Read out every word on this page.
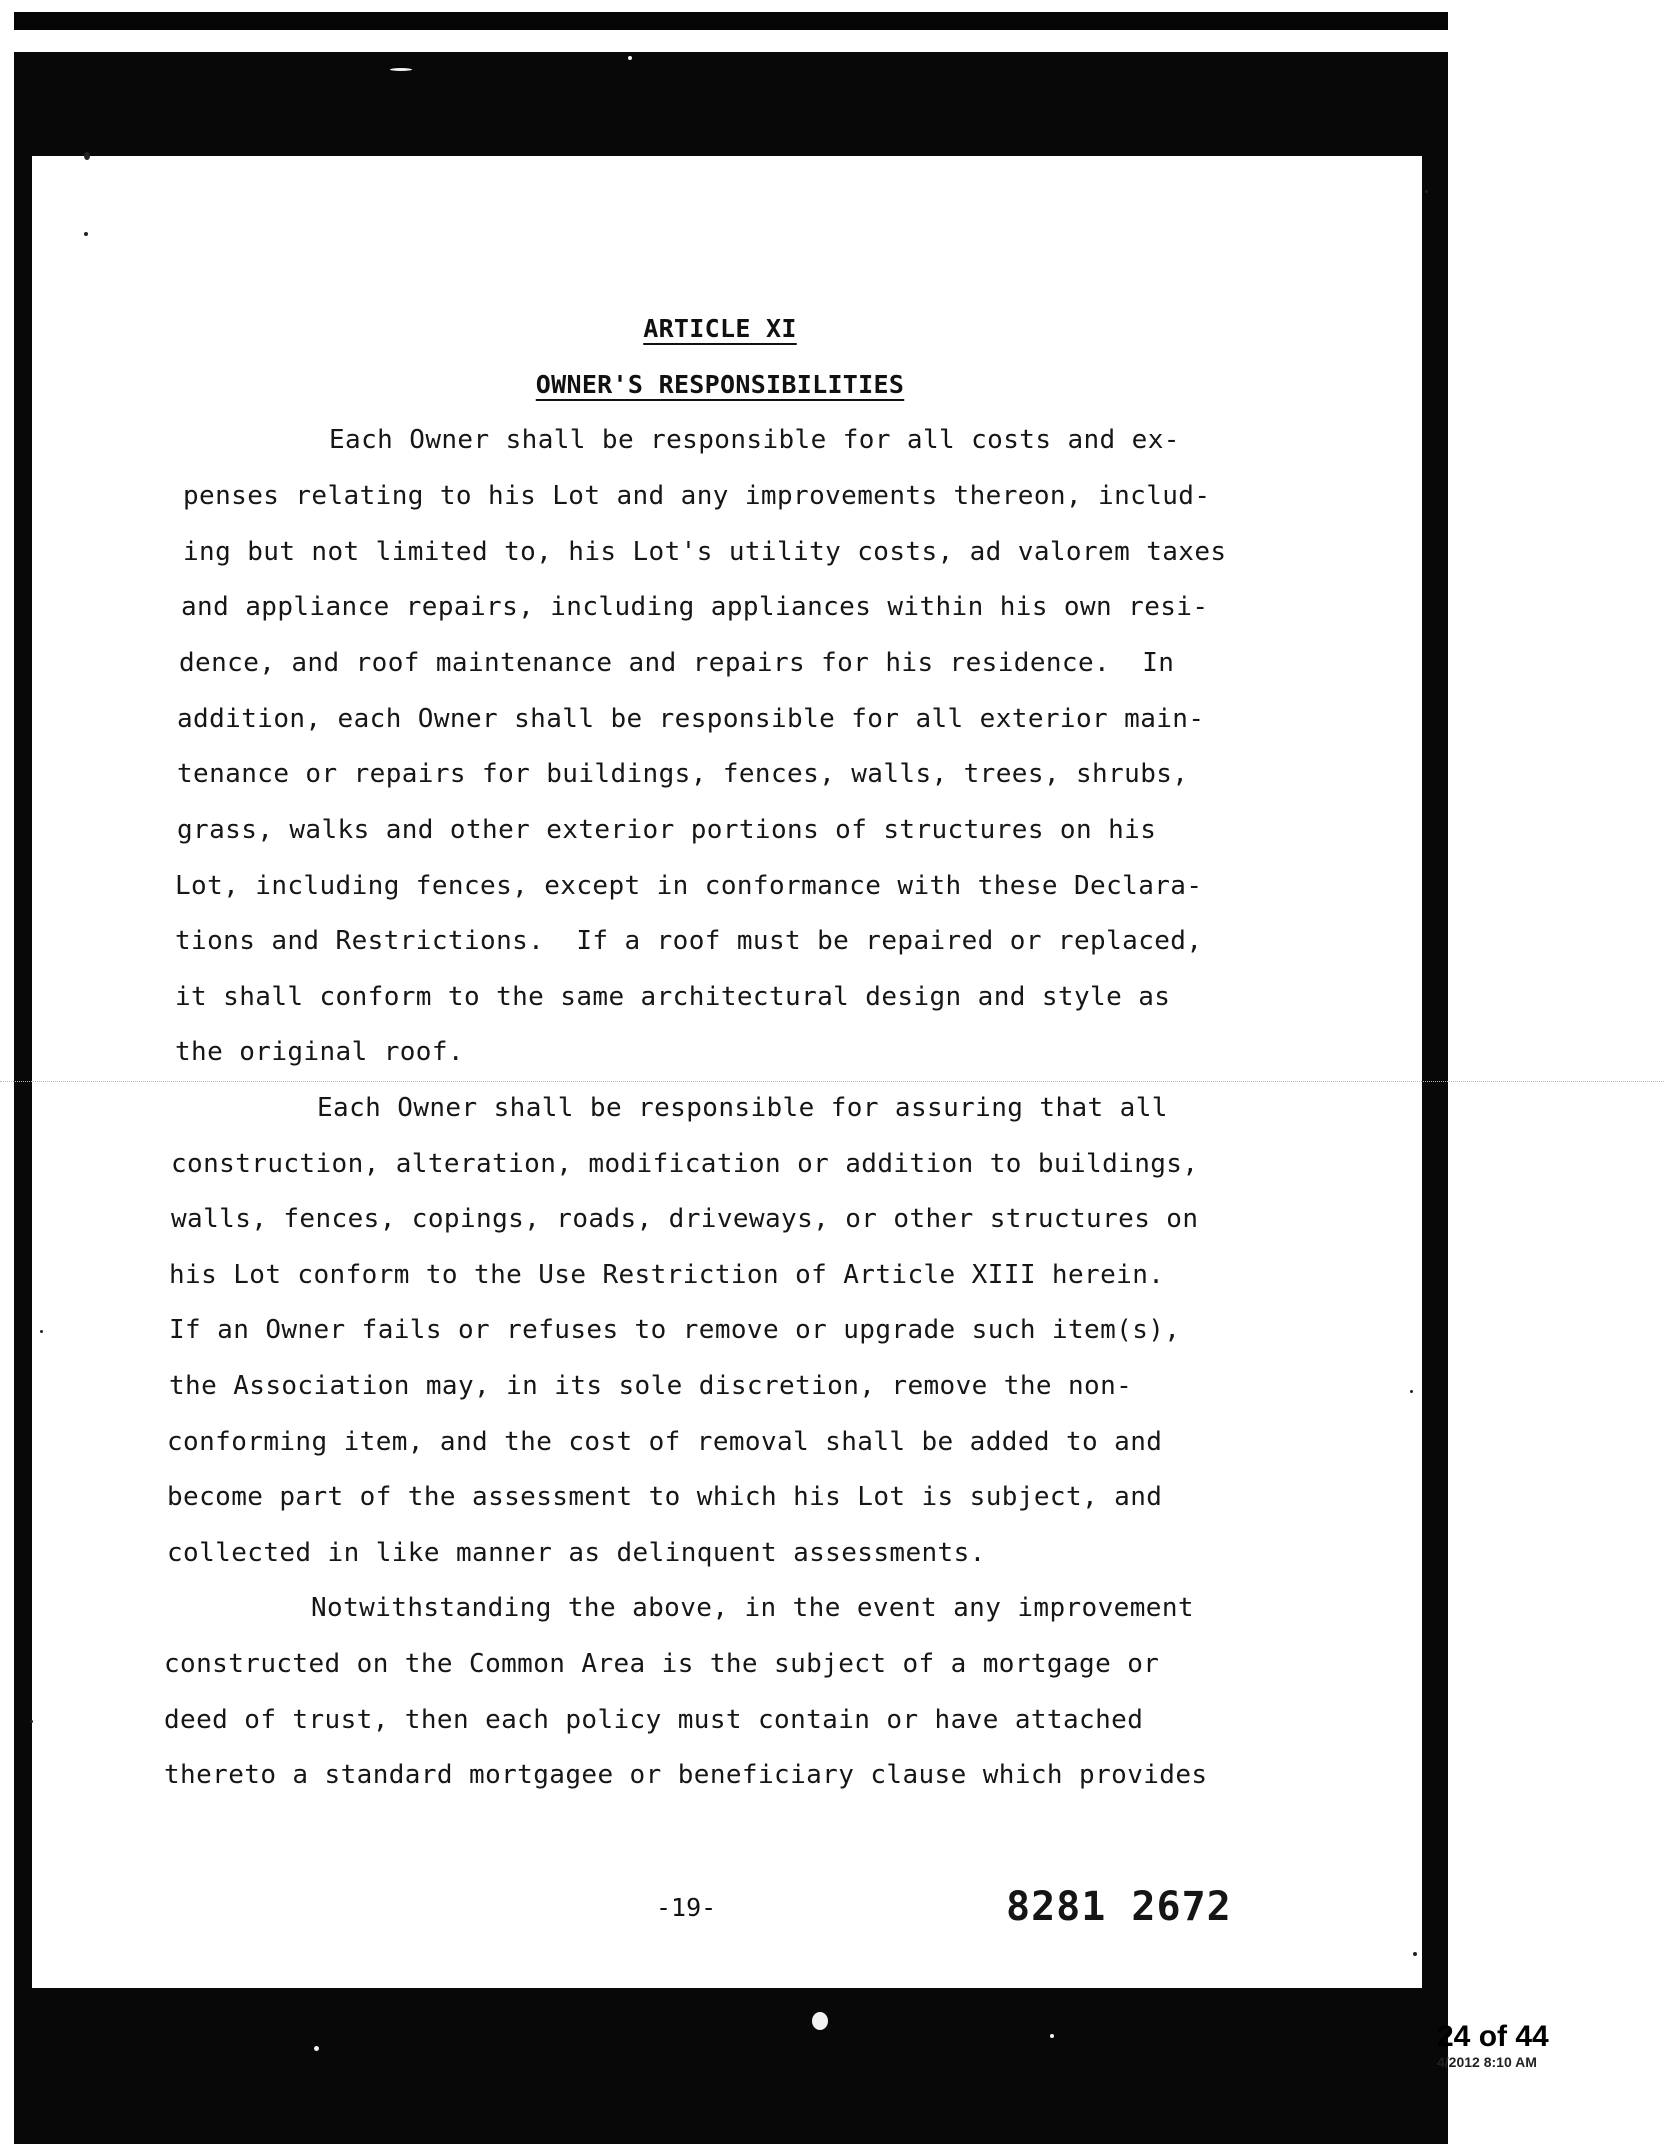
ARTICLE XI
OWNER'S RESPONSIBILITIES
Each Owner shall be responsible for all costs and ex-
penses relating to his Lot and any improvements thereon, includ-
ing but not limited to, his Lot's utility costs, ad valorem taxes
and appliance repairs, including appliances within his own resi-
dence, and roof maintenance and repairs for his residence.  In
addition, each Owner shall be responsible for all exterior main-
tenance or repairs for buildings, fences, walls, trees, shrubs,
grass, walks and other exterior portions of structures on his
Lot, including fences, except in conformance with these Declara-
tions and Restrictions.  If a roof must be repaired or replaced,
it shall conform to the same architectural design and style as
the original roof.
Each Owner shall be responsible for assuring that all
construction, alteration, modification or addition to buildings,
walls, fences, copings, roads, driveways, or other structures on
his Lot conform to the Use Restriction of Article XIII herein.
If an Owner fails or refuses to remove or upgrade such item(s),
the Association may, in its sole discretion, remove the non-
conforming item, and the cost of removal shall be added to and
become part of the assessment to which his Lot is subject, and
collected in like manner as delinquent assessments.
Notwithstanding the above, in the event any improvement
constructed on the Common Area is the subject of a mortgage or
deed of trust, then each policy must contain or have attached
thereto a standard mortgagee or beneficiary clause which provides
-19-	8281 2672
24 of 44
4/2012 8:10 AM
